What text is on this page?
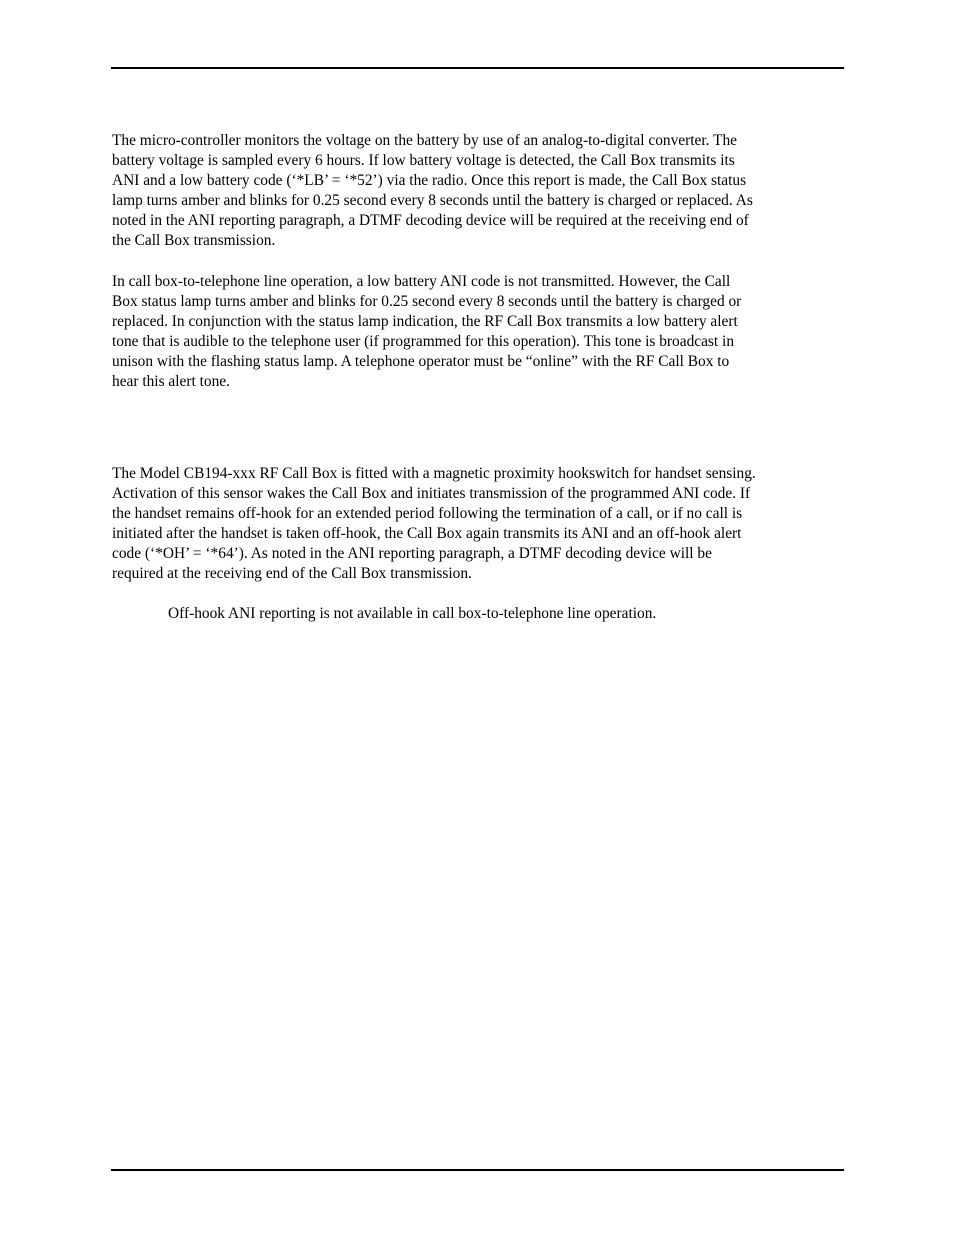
The micro-controller monitors the voltage on the battery by use of an analog-to-digital converter. The
battery voltage is sampled every 6 hours. If low battery voltage is detected, the Call Box transmits its
ANI and a low battery code (‘*LB’ = ‘*52’) via the radio. Once this report is made, the Call Box status
lamp turns amber and blinks for 0.25 second every 8 seconds until the battery is charged or replaced. As
noted in the ANI reporting paragraph, a DTMF decoding device will be required at the receiving end of
the Call Box transmission.
In call box-to-telephone line operation, a low battery ANI code is not transmitted. However, the Call
Box status lamp turns amber and blinks for 0.25 second every 8 seconds until the battery is charged or
replaced. In conjunction with the status lamp indication, the RF Call Box transmits a low battery alert
tone that is audible to the telephone user (if programmed for this operation). This tone is broadcast in
unison with the flashing status lamp. A telephone operator must be “online” with the RF Call Box to
hear this alert tone.
The Model CB194-xxx RF Call Box is fitted with a magnetic proximity hookswitch for handset sensing.
Activation of this sensor wakes the Call Box and initiates transmission of the programmed ANI code. If
the handset remains off-hook for an extended period following the termination of a call, or if no call is
initiated after the handset is taken off-hook, the Call Box again transmits its ANI and an off-hook alert
code (‘*OH’ = ‘*64’). As noted in the ANI reporting paragraph, a DTMF decoding device will be
required at the receiving end of the Call Box transmission.
Off-hook ANI reporting is not available in call box-to-telephone line operation.
